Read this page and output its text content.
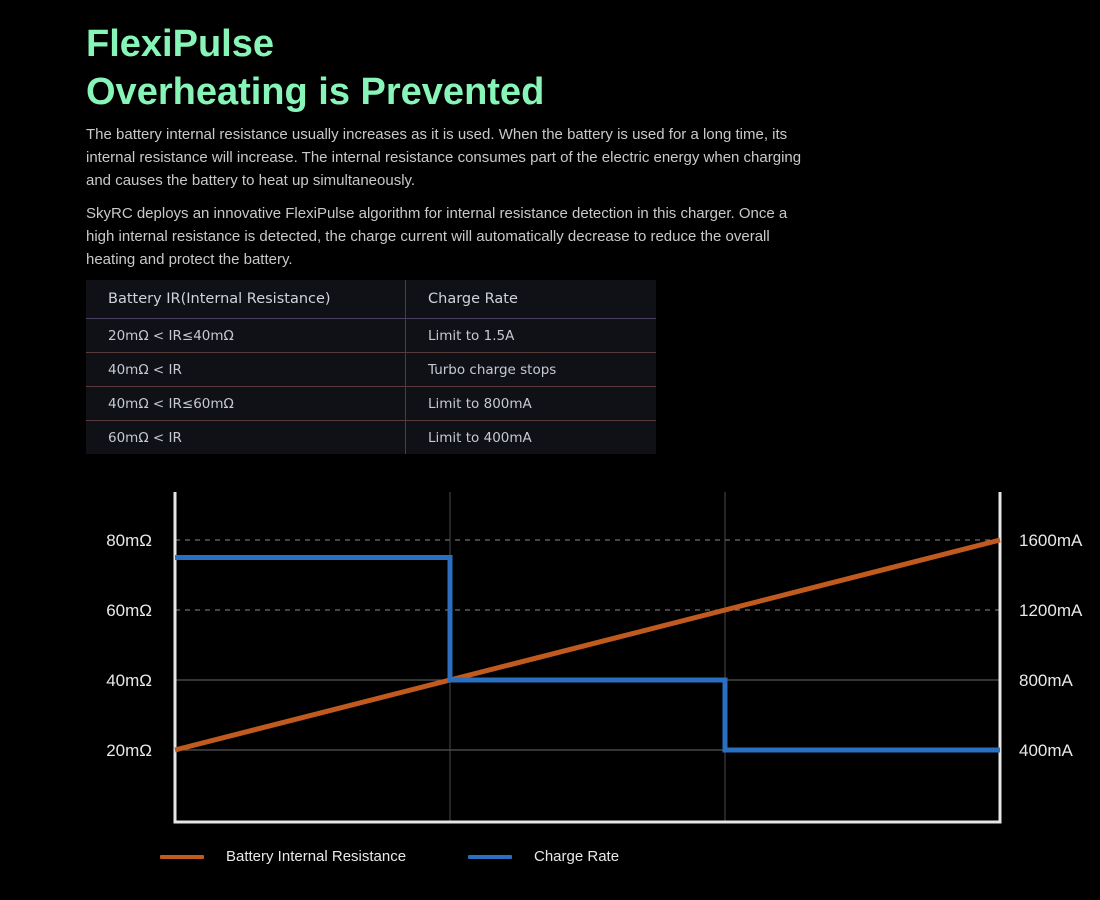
FlexiPulse
Overheating is Prevented

The battery internal resistance usually increases as it is used. When the battery is used for a long time, its internal resistance will increase. The internal resistance consumes part of the electric energy when charging and causes the battery to heat up simultaneously.

SkyRC deploys an innovative FlexiPulse algorithm for internal resistance detection in this charger. Once a high internal resistance is detected, the charge current will automatically decrease to reduce the overall heating and protect the battery.

Battery IR(Internal Resistance)	Charge Rate
20mΩ < IR≤40mΩ	Limit to 1.5A
40mΩ < IR	Turbo charge stops
40mΩ < IR≤60mΩ	Limit to 800mA
60mΩ < IR	Limit to 400mA
20mΩ
40mΩ
60mΩ
80mΩ
400mA
800mA
1200mA
1600mA
Battery Internal Resistance	Charge Rate
